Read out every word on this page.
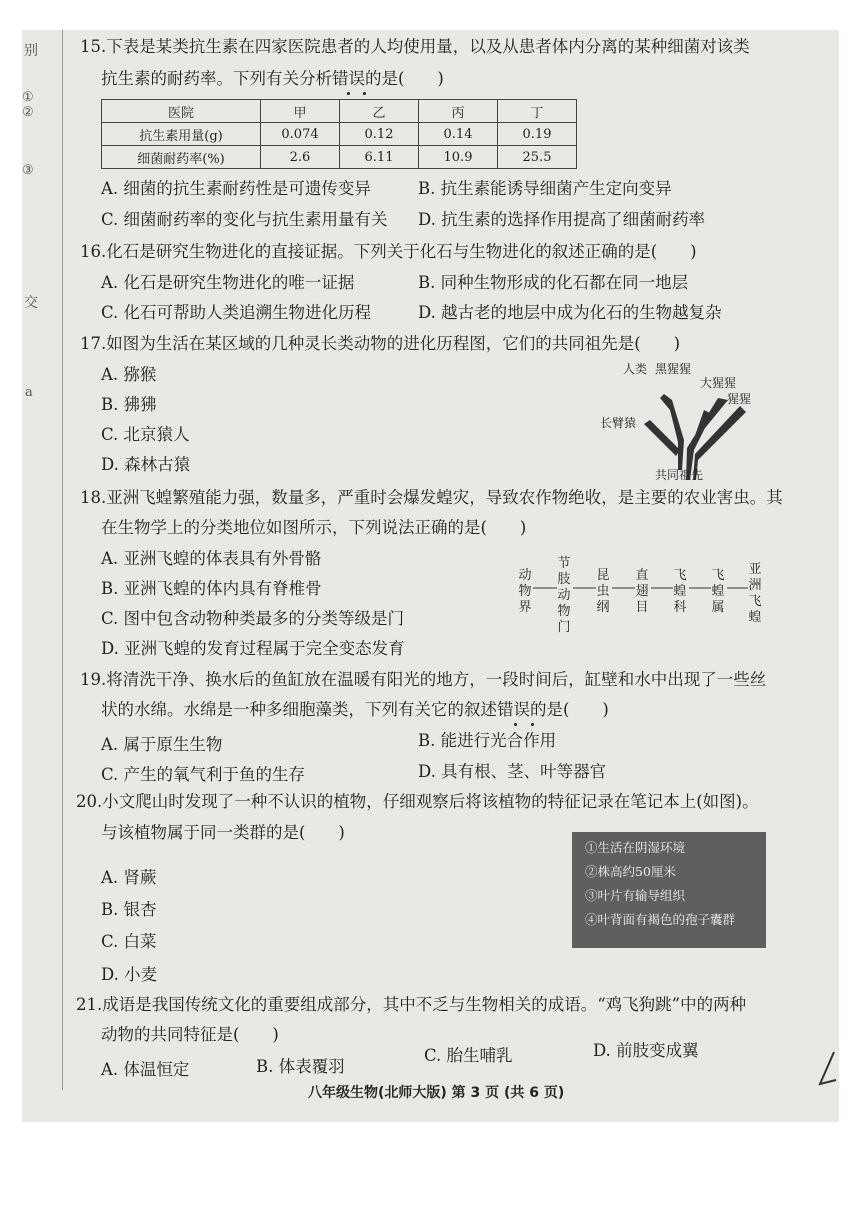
别
①
②
③
交
a
15.下表是某类抗生素在四家医院患者的人均使用量，以及从患者体内分离的某种细菌对该类
抗生素的耐药率。下列有关分析错误的是(　　)
医院	甲	乙	丙	丁
抗生素用量(g)	0.074	0.12	0.14	0.19
细菌耐药率(%)	2.6	6.11	10.9	25.5
A. 细菌的抗生素耐药性是可遗传变异	B. 抗生素能诱导细菌产生定向变异
C. 细菌耐药率的变化与抗生素用量有关 D. 抗生素的选择作用提高了细菌耐药率
16.化石是研究生物进化的直接证据。下列关于化石与生物进化的叙述正确的是(　　)
A. 化石是研究生物进化的唯一证据	B. 同种生物形成的化石都在同一地层
C. 化石可帮助人类追溯生物进化历程	D. 越古老的地层中成为化石的生物越复杂
17.如图为生活在某区域的几种灵长类动物的进化历程图，它们的共同祖先是(　　)
A. 猕猴
B. 狒狒
C. 北京猿人
D. 森林古猿
人类 黑猩猩
大猩猩
猩猩
长臂猿
共同祖先
18.亚洲飞蝗繁殖能力强，数量多，严重时会爆发蝗灾，导致农作物绝收，是主要的农业害虫。其
在生物学上的分类地位如图所示，下列说法正确的是(　　)
A. 亚洲飞蝗的体表具有外骨骼
B. 亚洲飞蝗的体内具有脊椎骨
C. 图中包含动物种类最多的分类等级是门
D. 亚洲飞蝗的发育过程属于完全变态发育
动物界
节肢动物门
昆虫纲
直翅目
飞蝗科
飞蝗属
亚洲飞蝗
19.将清洗干净、换水后的鱼缸放在温暖有阳光的地方，一段时间后，缸壁和水中出现了一些丝
状的水绵。水绵是一种多细胞藻类，下列有关它的叙述错误的是(　　)
A. 属于原生生物	B. 能进行光合作用
C. 产生的氧气利于鱼的生存	D. 具有根、茎、叶等器官
20.小文爬山时发现了一种不认识的植物，仔细观察后将该植物的特征记录在笔记本上(如图)。
与该植物属于同一类群的是(　　)
A. 肾蕨
B. 银杏
C. 白菜
D. 小麦
①生活在阴湿环境
②株高约50厘米
③叶片有输导组织
④叶背面有褐色的孢子囊群
21.成语是我国传统文化的重要组成部分，其中不乏与生物相关的成语。“鸡飞狗跳”中的两种
动物的共同特征是(　　)
A. 体温恒定	B. 体表覆羽
C. 胎生哺乳	D. 前肢变成翼
八年级生物(北师大版) 第 3 页 (共 6 页)
